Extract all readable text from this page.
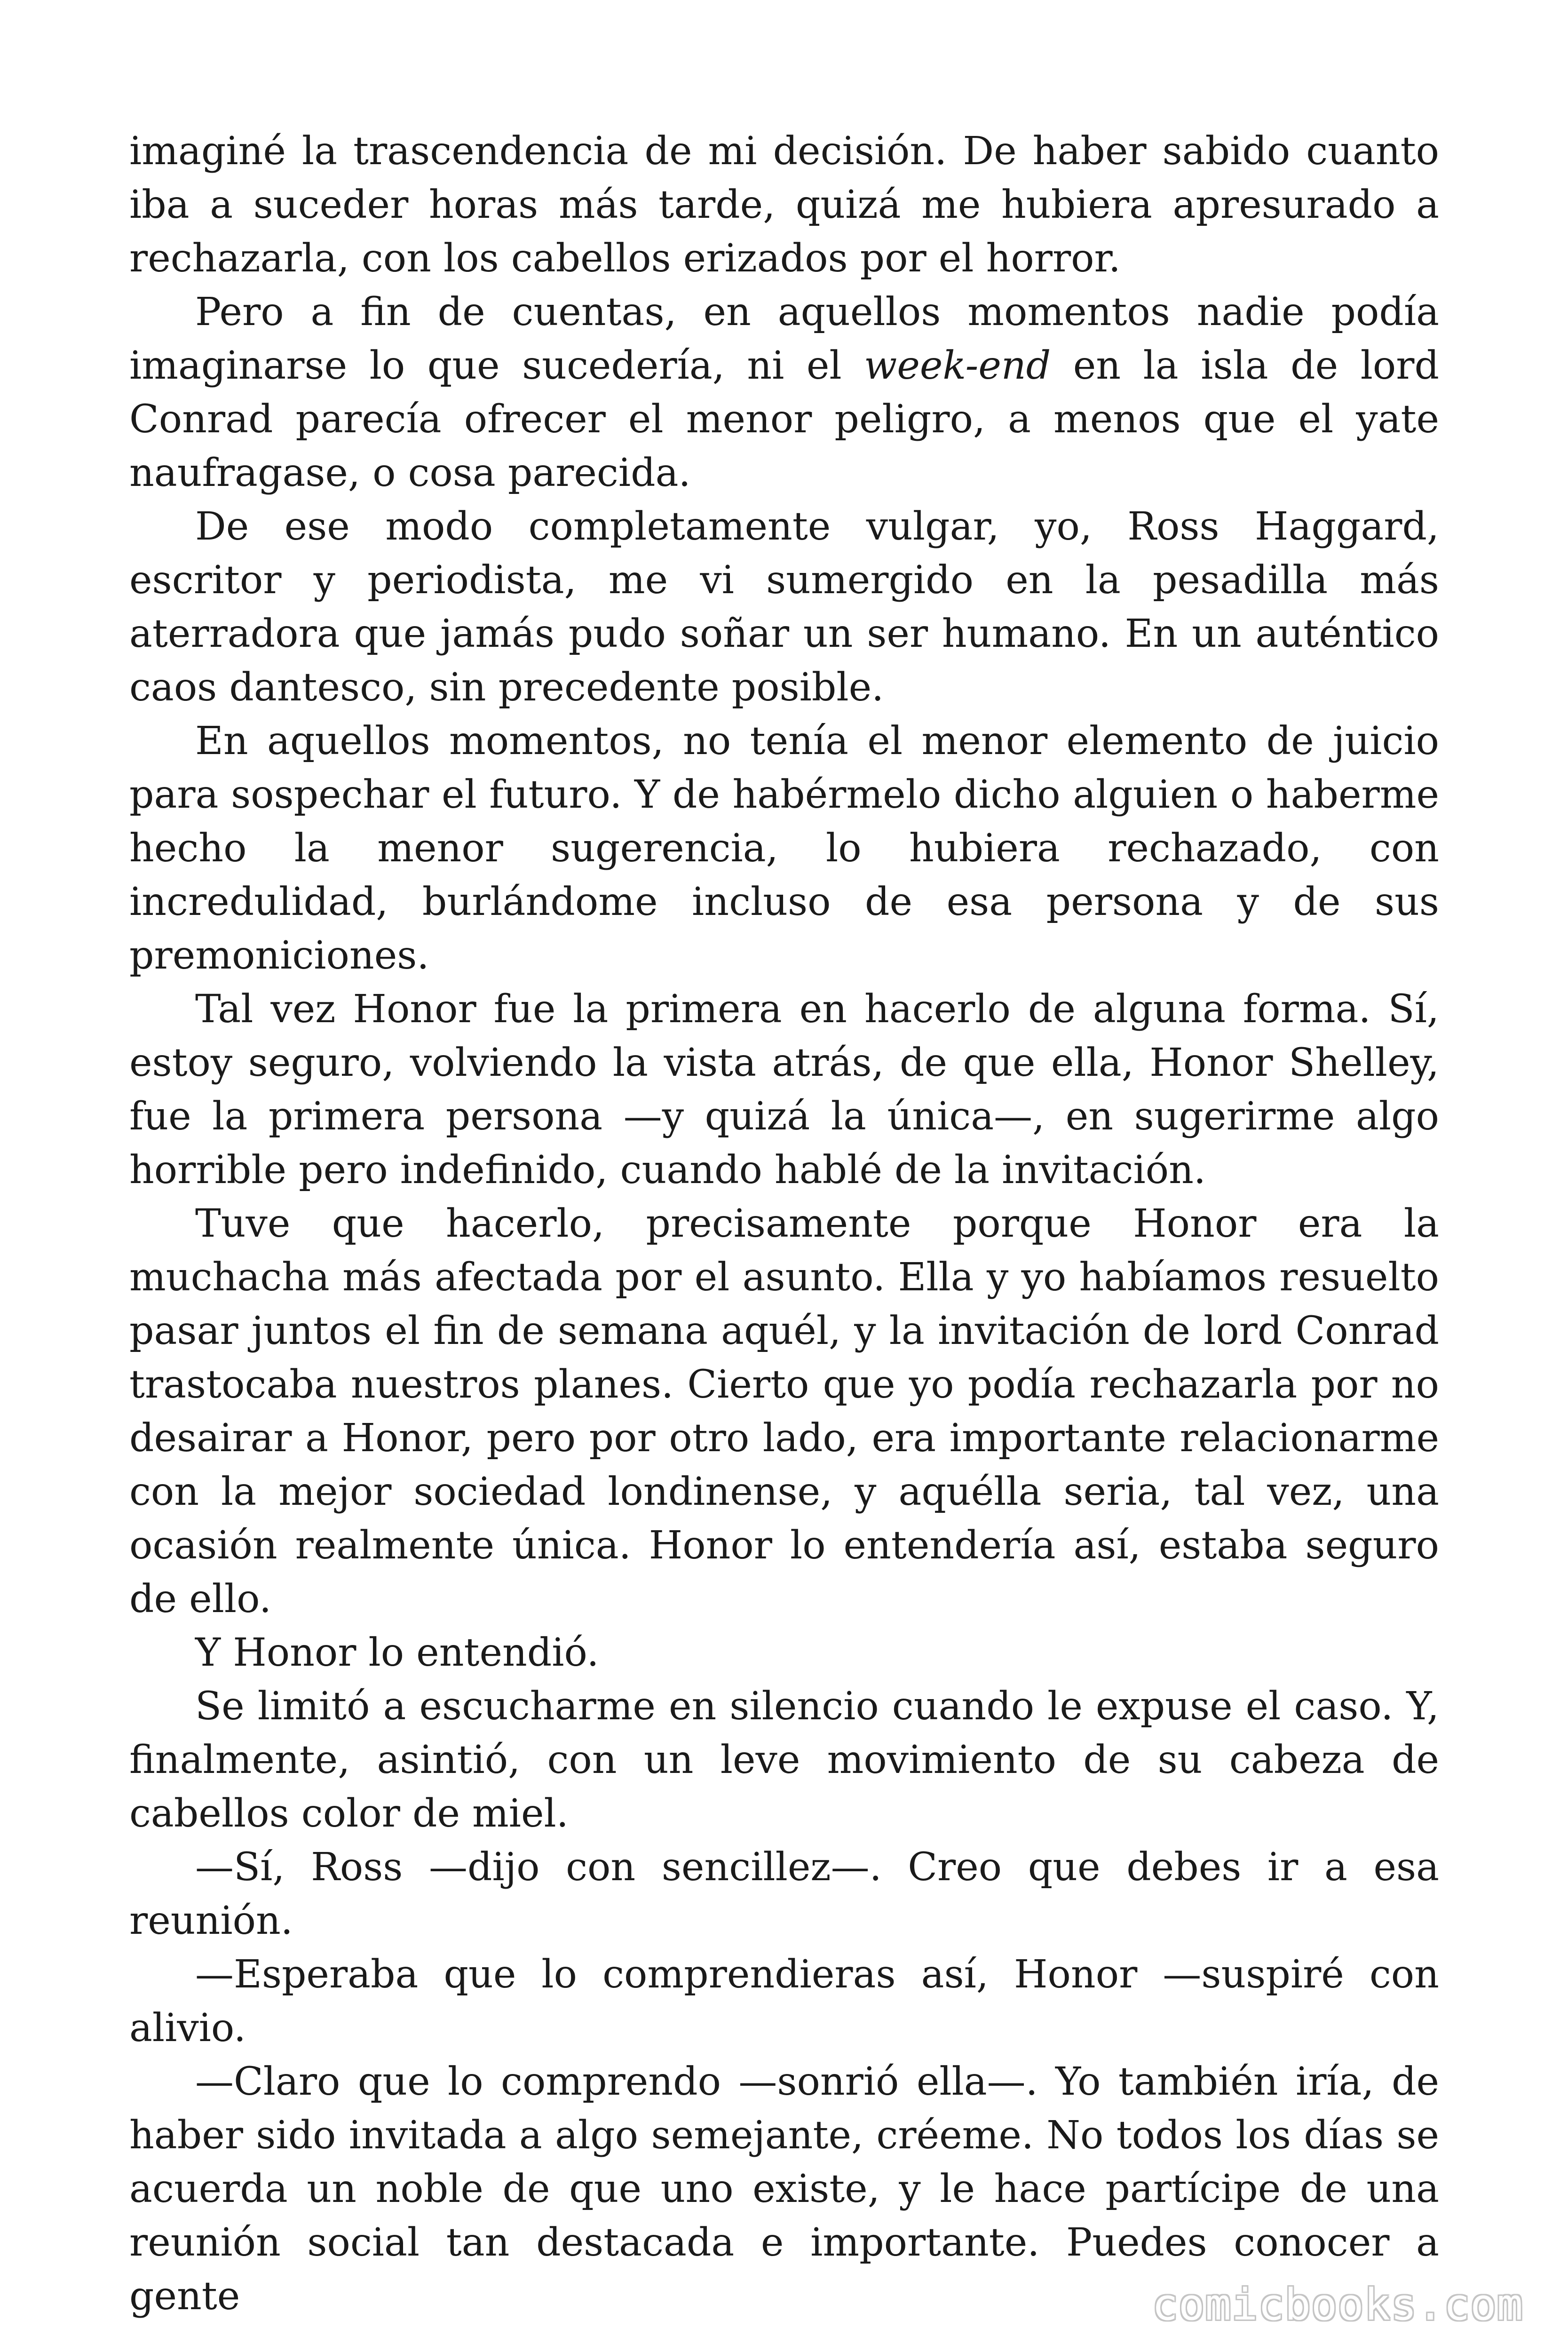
imaginé la trascendencia de mi decisión. De haber sabido cuanto iba a suceder horas más tarde, quizá me hubiera apresurado a rechazarla, con los cabellos erizados por el horror.

Pero a fin de cuentas, en aquellos momentos nadie podía imaginarse lo que sucedería, ni el week-end en la isla de lord Conrad parecía ofrecer el menor peligro, a menos que el yate naufragase, o cosa parecida.

De ese modo completamente vulgar, yo, Ross Haggard, escritor y periodista, me vi sumergido en la pesadilla más aterradora que jamás pudo soñar un ser humano. En un auténtico caos dantesco, sin precedente posible.

En aquellos momentos, no tenía el menor elemento de juicio para sospechar el futuro. Y de habérmelo dicho alguien o haberme hecho la menor sugerencia, lo hubiera rechazado, con incredulidad, burlándome incluso de esa persona y de sus premoniciones.

Tal vez Honor fue la primera en hacerlo de alguna forma. Sí, estoy seguro, volviendo la vista atrás, de que ella, Honor Shelley, fue la primera persona —y quizá la única—, en sugerirme algo horrible pero indefinido, cuando hablé de la invitación.

Tuve que hacerlo, precisamente porque Honor era la muchacha más afectada por el asunto. Ella y yo habíamos resuelto pasar juntos el fin de semana aquél, y la invitación de lord Conrad trastocaba nuestros planes. Cierto que yo podía rechazarla por no desairar a Honor, pero por otro lado, era importante relacionarme con la mejor sociedad londinense, y aquélla seria, tal vez, una ocasión realmente única. Honor lo entendería así, estaba seguro de ello.

Y Honor lo entendió.

Se limitó a escucharme en silencio cuando le expuse el caso. Y, finalmente, asintió, con un leve movimiento de su cabeza de cabellos color de miel.

—Sí, Ross —dijo con sencillez—. Creo que debes ir a esa reunión.

—Esperaba que lo comprendieras así, Honor —suspiré con alivio.

—Claro que lo comprendo —sonrió ella—. Yo también iría, de haber sido invitada a algo semejante, créeme. No todos los días se acuerda un noble de que uno existe, y le hace partícipe de una reunión social tan destacada e importante. Puedes conocer a gente	comicbooks.com
